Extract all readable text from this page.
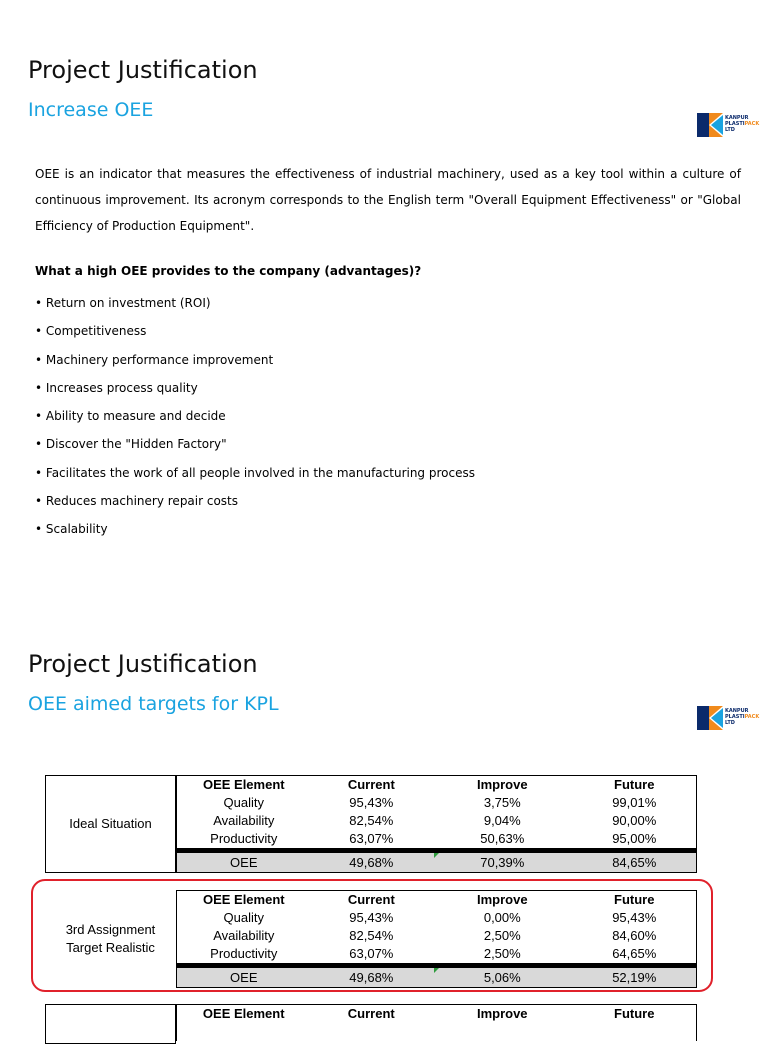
Project Justification
Increase OEE	KANPUR
PLASTIPACK
LTD
OEE is an indicator that measures the effectiveness of industrial machinery, used as a key tool within a culture of continuous improvement. Its acronym corresponds to the English term "Overall Equipment Effectiveness" or "Global Efficiency of Production Equipment".
What a high OEE provides to the company (advantages)?
• Return on investment (ROI)
• Competitiveness
• Machinery performance improvement
• Increases process quality
• Ability to measure and decide
• Discover the "Hidden Factory"
• Facilitates the work of all people involved in the manufacturing process
• Reduces machinery repair costs
• Scalability
Project Justification
OEE aimed targets for KPL	KANPUR
PLASTIPACK
LTD
Ideal Situation
OEE Element	Current	Improve	Future
Quality	95,43%	3,75%	99,01%
Availability	82,54%	9,04%	90,00%
Productivity	63,07%	50,63%	95,00%
OEE	49,68%	70,39%	84,65%
3rd Assignment Target Realistic
OEE Element	Current	Improve	Future
Quality	95,43%	0,00%	95,43%
Availability	82,54%	2,50%	84,60%
Productivity	63,07%	2,50%	64,65%
OEE	49,68%	5,06%	52,19%
OEE Element	Current	Improve	Future
